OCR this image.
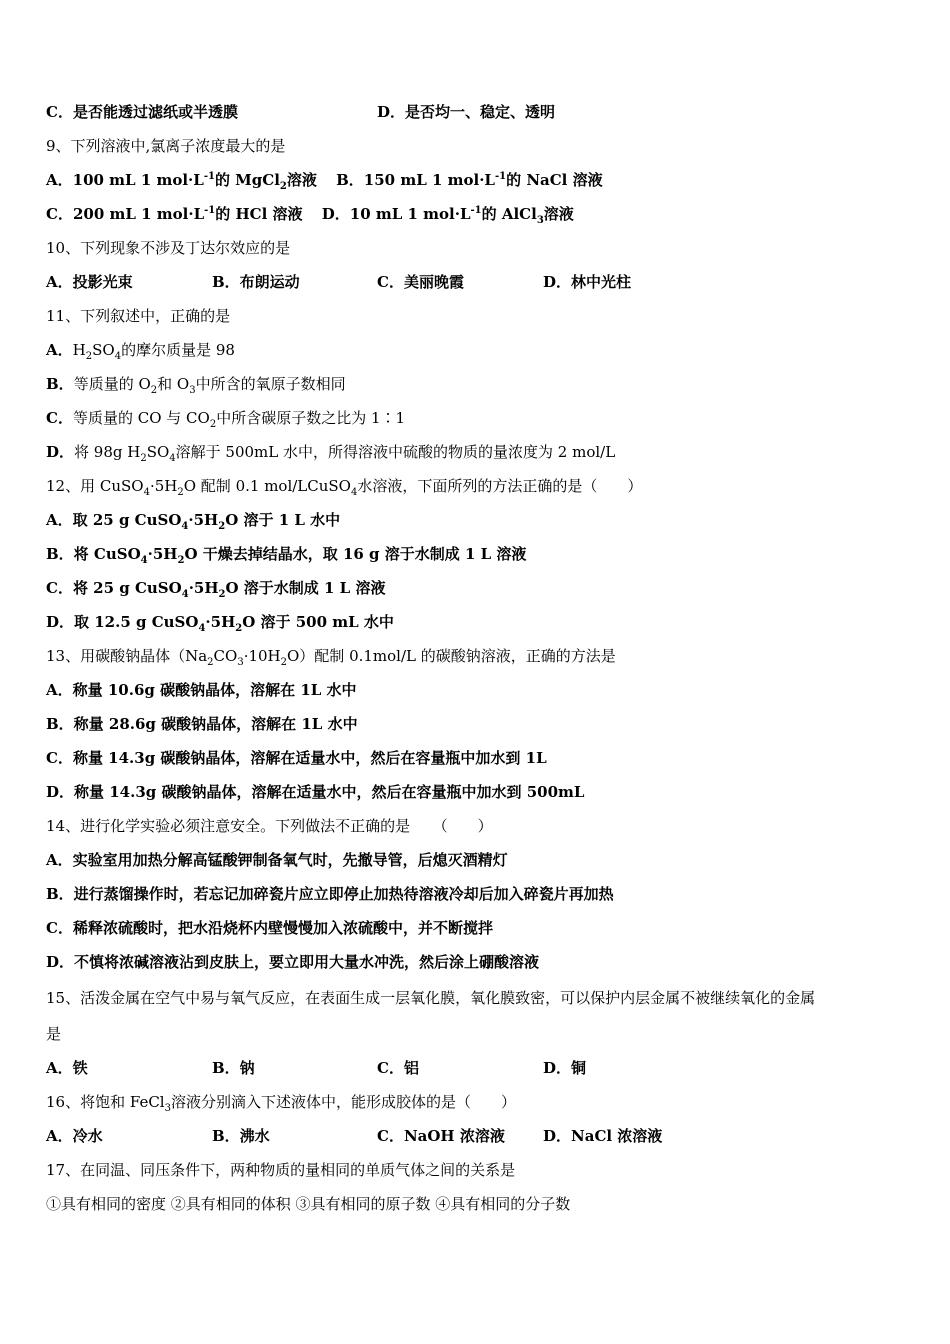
C．是否能透过滤纸或半透膜	D．是否均一、稳定、透明
9、下列溶液中,氯离子浓度最大的是
A．100 mL 1 $mol\cdot L^{-1}$的 MgCl$_2$溶液 B．150 mL 1 $mol\cdot L^{-1}$的 NaCl 溶液
C．200 mL 1 $mol\cdot L^{-1}$的 HCl 溶液 D．10 mL 1 $mol\cdot L^{-1}$的 AlCl$_3$溶液
10、下列现象不涉及丁达尔效应的是
A．投影光束	B．布朗运动	C．美丽晚霞	D．林中光柱
11、下列叙述中，正确的是
A．$H_2SO_4$的摩尔质量是 98
B．等质量的 $O_2$和 $O_3$中所含的氧原子数相同
C．等质量的 CO 与 $CO_2$中所含碳原子数之比为 1∶1
D．将 98g $H_2SO_4$溶解于 500mL 水中，所得溶液中硫酸的物质的量浓度为 2 mol/L
12、用 $CuSO_4\cdot 5H_2O$ 配制 0.1 mol/LCuSO$_4$水溶液，下面所列的方法正确的是（　　）
A．取 25 g $CuSO_4\cdot 5H_2O$ 溶于 1 L 水中
B．将 $CuSO_4\cdot 5H_2O$ 干燥去掉结晶水，取 16 g 溶于水制成 1 L 溶液
C．将 25 g $CuSO_4\cdot 5H_2O$ 溶于水制成 1 L 溶液
D．取 12.5 g $CuSO_4\cdot 5H_2O$ 溶于 500 mL 水中
13、用碳酸钠晶体$(Na_2CO_3\cdot 10H_2O)$配制 0.1mol/L 的碳酸钠溶液，正确的方法是
A．称量 10.6g 碳酸钠晶体，溶解在 1L 水中
B．称量 28.6g 碳酸钠晶体，溶解在 1L 水中
C．称量 14.3g 碳酸钠晶体，溶解在适量水中，然后在容量瓶中加水到 1L
D．称量 14.3g 碳酸钠晶体，溶解在适量水中，然后在容量瓶中加水到 500mL
14、进行化学实验必须注意安全。下列做法不正确的是　　（　　）
A．实验室用加热分解高锰酸钾制备氧气时，先撤导管，后熄灭酒精灯
B．进行蒸馏操作时，若忘记加碎瓷片应立即停止加热待溶液冷却后加入碎瓷片再加热
C．稀释浓硫酸时，把水沿烧杯内壁慢慢加入浓硫酸中，并不断搅拌
D．不慎将浓碱溶液沾到皮肤上，要立即用大量水冲洗，然后涂上硼酸溶液
15、活泼金属在空气中易与氧气反应，在表面生成一层氧化膜，氧化膜致密，可以保护内层金属不被继续氧化的金属
是
A．铁	B．钠	C．铝	D．铜
16、将饱和 FeCl$_3$溶液分别滴入下述液体中，能形成胶体的是（　　）
A．冷水	B．沸水	C．NaOH 浓溶液	D．NaCl 浓溶液
17、在同温、同压条件下，两种物质的量相同的单质气体之间的关系是
①具有相同的密度 ②具有相同的体积 ③具有相同的原子数 ④具有相同的分子数
